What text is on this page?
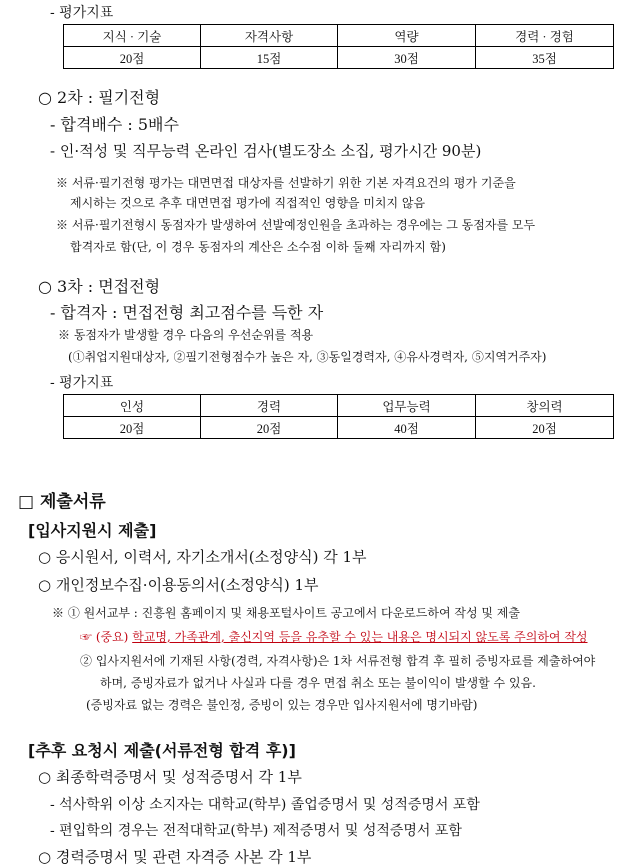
- 평가지표
지식 · 기술	자격사항	역량	경력 · 경험
20점	15점	30점	35점
○ 2차 : 필기전형
- 합격배수 : 5배수
- 인·적성 및 직무능력 온라인 검사(별도장소 소집, 평가시간 90분)
※ 서류·필기전형 평가는 대면면접 대상자를 선발하기 위한 기본 자격요건의 평가 기준을
제시하는 것으로 추후 대면면접 평가에 직접적인 영향을 미치지 않음
※ 서류·필기전형시 동점자가 발생하여 선발예정인원을 초과하는 경우에는 그 동점자를 모두
합격자로 함(단, 이 경우 동점자의 계산은 소수점 이하 둘째 자리까지 함)
○ 3차 : 면접전형
- 합격자 : 면접전형 최고점수를 득한 자
※ 동점자가 발생할 경우 다음의 우선순위를 적용
(①취업지원대상자, ②필기전형점수가 높은 자, ③동일경력자, ④유사경력자, ⑤지역거주자)
- 평가지표
인성	경력	업무능력	창의력
20점	20점	40점	20점
□ 제출서류
[입사지원시 제출]
○ 응시원서, 이력서, 자기소개서(소정양식) 각 1부
○ 개인정보수집·이용동의서(소정양식) 1부
※ ① 원서교부 : 진흥원 홈페이지 및 채용포털사이트 공고에서 다운로드하여 작성 및 제출
☞ (중요) 학교명, 가족관계, 출신지역 등을 유추할 수 있는 내용은 명시되지 않도록 주의하여 작성
② 입사지원서에 기재된 사항(경력, 자격사항)은 1차 서류전형 합격 후 필히 증빙자료를 제출하여야
하며, 증빙자료가 없거나 사실과 다를 경우 면접 취소 또는 불이익이 발생할 수 있음.
(증빙자료 없는 경력은 불인정, 증빙이 있는 경우만 입사지원서에 명기바람)
[추후 요청시 제출(서류전형 합격 후)]
○ 최종학력증명서 및 성적증명서 각 1부
- 석사학위 이상 소지자는 대학교(학부) 졸업증명서 및 성적증명서 포함
- 편입학의 경우는 전적대학교(학부) 제적증명서 및 성적증명서 포함
○ 경력증명서 및 관련 자격증 사본 각 1부
